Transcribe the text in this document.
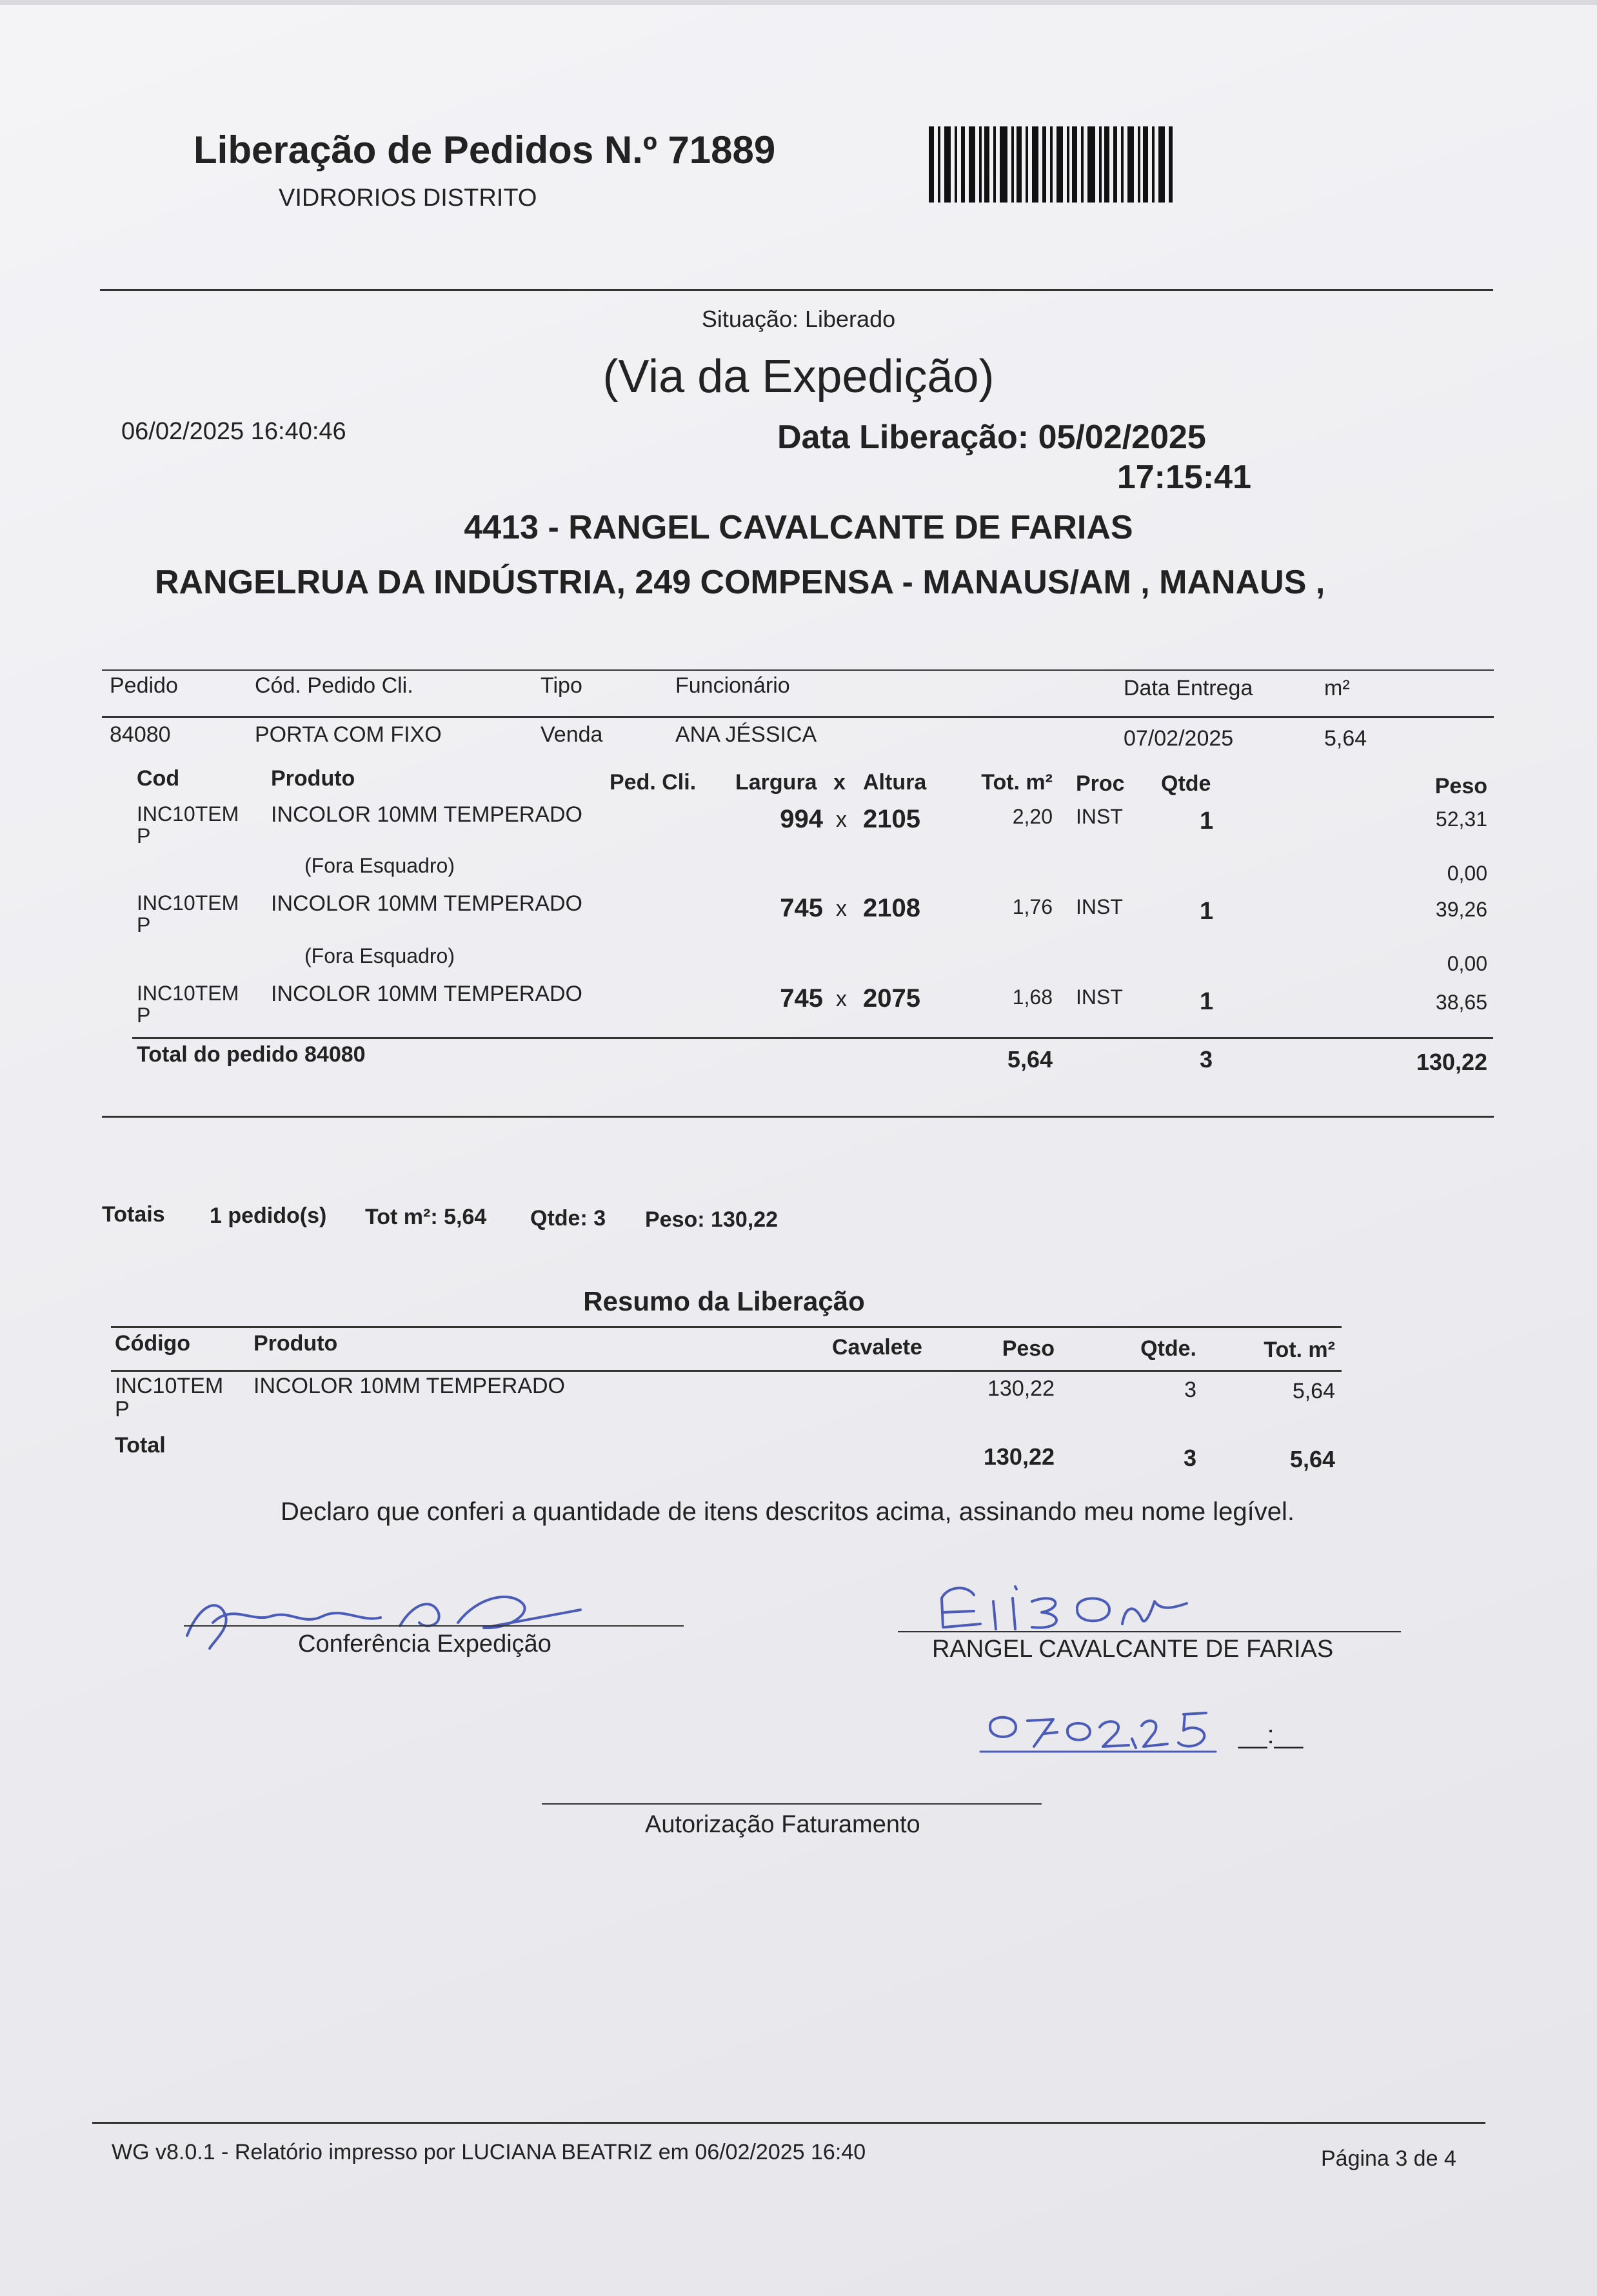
Liberação de Pedidos N.º 71889
VIDRORIOS DISTRITO
Situação: Liberado
(Via da Expedição)
06/02/2025 16:40:46	Data Liberação: 05/02/2025
17:15:41
4413 - RANGEL CAVALCANTE DE FARIAS
RANGELRUA DA INDÚSTRIA, 249 COMPENSA - MANAUS/AM , MANAUS ,
Pedido	Cód. Pedido Cli.	Tipo	Funcionário	Data Entrega	m²
84080	PORTA COM FIXO	Venda	ANA JÉSSICA	07/02/2025	5,64
Cod	Produto	Ped. Cli. Largura x Altura	Tot. m² Proc Qtde	Peso
INC10TEM
P
INCOLOR 10MM TEMPERADO	994 x 2105	2,20 INST	1	52,31
(Fora Esquadro)	0,00
INC10TEM
P
INCOLOR 10MM TEMPERADO	745 x 2108	1,76 INST	1	39,26
(Fora Esquadro)	0,00
INC10TEM
P
INCOLOR 10MM TEMPERADO	745 x 2075	1,68 INST	1	38,65
Total do pedido 84080	5,64	3	130,22
Totais 1 pedido(s) Tot m²: 5,64 Qtde: 3 Peso: 130,22
Resumo da Liberação
Código	Produto	Cavalete	Peso	Qtde.	Tot. m²
INC10TEM
P
INCOLOR 10MM TEMPERADO	130,22	3	5,64
Total	130,22	3	5,64
Declaro que conferi a quantidade de itens descritos acima, assinando meu nome legível.
Conferência Expedição	RANGEL CAVALCANTE DE FARIAS
__:__
Autorização Faturamento
WG v8.0.1 - Relatório impresso por LUCIANA BEATRIZ em 06/02/2025 16:40	Página 3 de 4
